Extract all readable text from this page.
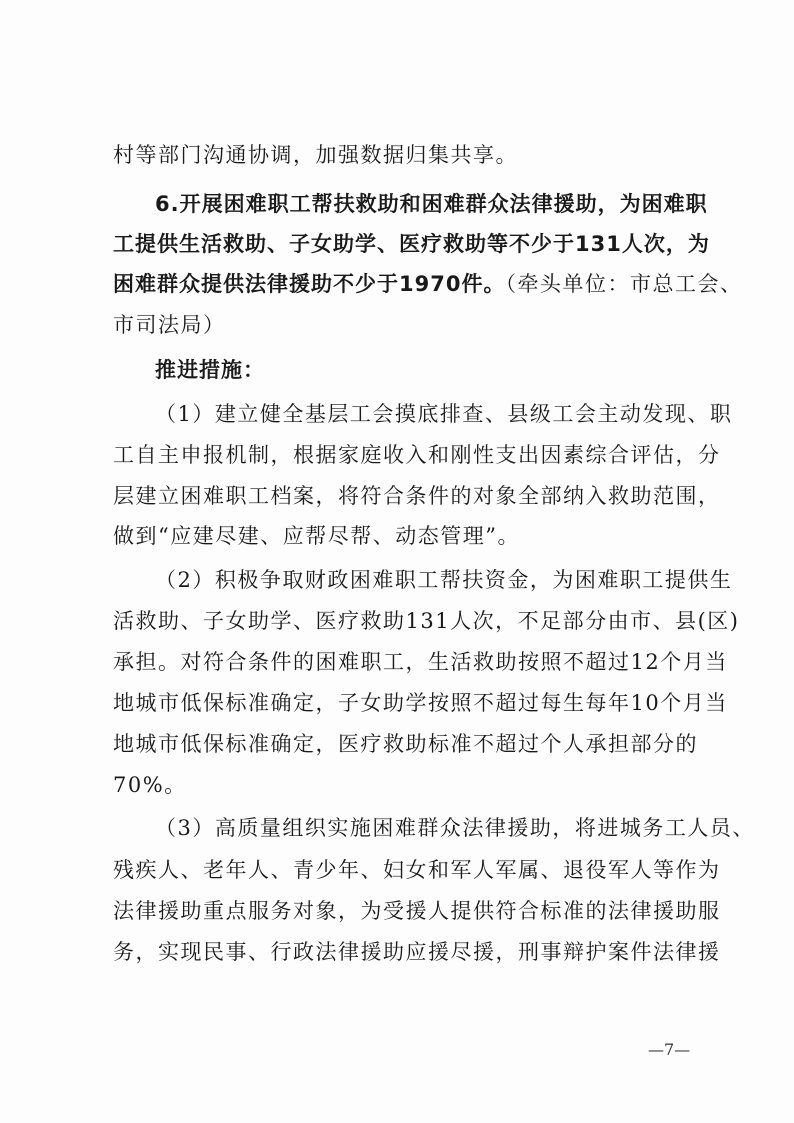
村等部门沟通协调，加强数据归集共享。
6.开展困难职工帮扶救助和困难群众法律援助，为困难职
工提供生活救助、子女助学、医疗救助等不少于131人次，为
困难群众提供法律援助不少于1970件。（牵头单位：市总工会、
市司法局）
推进措施：
（1）建立健全基层工会摸底排查、县级工会主动发现、职
工自主申报机制，根据家庭收入和刚性支出因素综合评估，分
层建立困难职工档案，将符合条件的对象全部纳入救助范围，
做到“应建尽建、应帮尽帮、动态管理”。
（2）积极争取财政困难职工帮扶资金，为困难职工提供生
活救助、子女助学、医疗救助131人次，不足部分由市、县(区)
承担。对符合条件的困难职工，生活救助按照不超过12个月当
地城市低保标准确定，子女助学按照不超过每生每年10个月当
地城市低保标准确定，医疗救助标准不超过个人承担部分的
70%。
（3）高质量组织实施困难群众法律援助，将进城务工人员、
残疾人、老年人、青少年、妇女和军人军属、退役军人等作为
法律援助重点服务对象，为受援人提供符合标准的法律援助服
务，实现民事、行政法律援助应援尽援，刑事辩护案件法律援
—7—
